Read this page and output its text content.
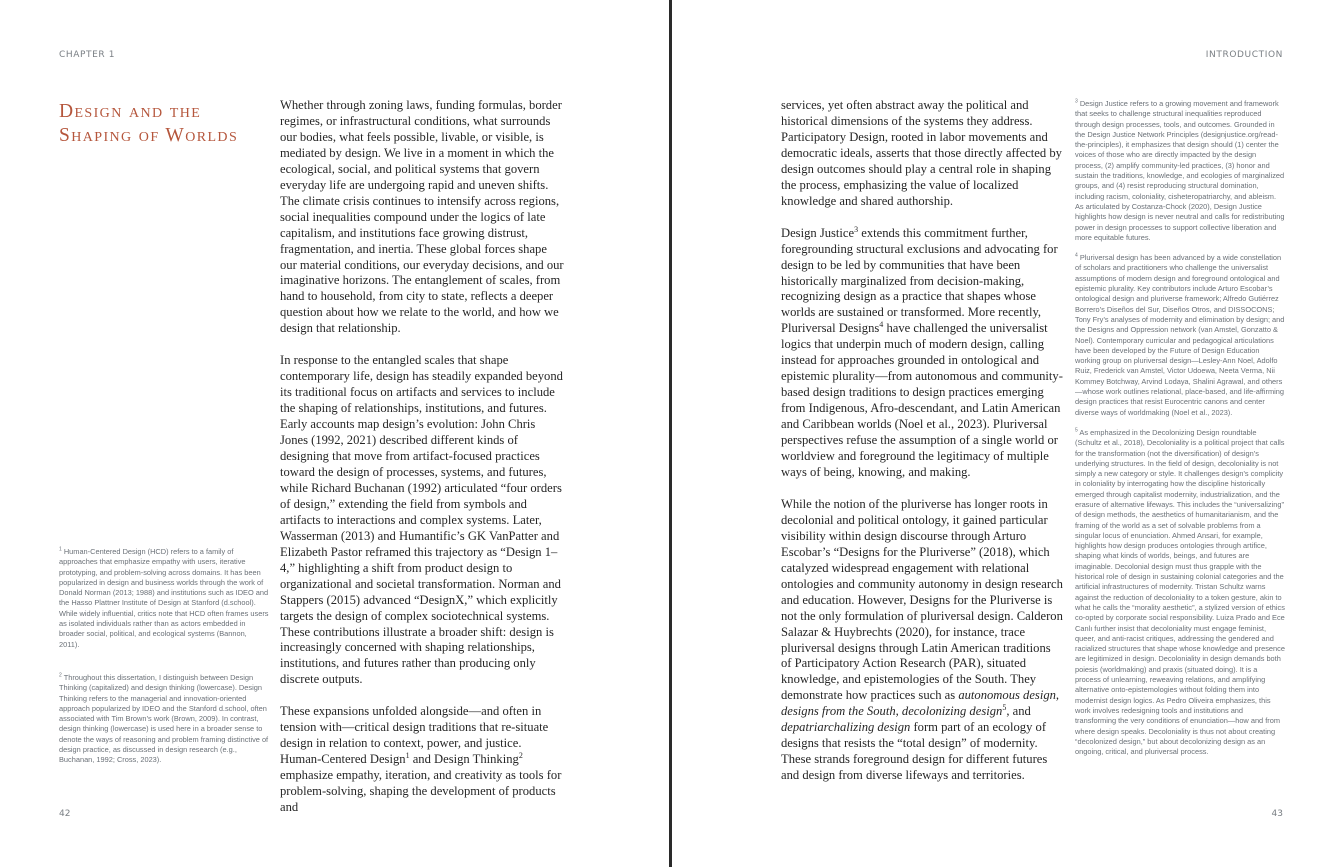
CHAPTER 1
Design and the Shaping of Worlds

Whether through zoning laws, funding formulas, border regimes, or infrastructural conditions, what surrounds our bodies, what feels possible, livable, or visible, is mediated by design. We live in a moment in which the ecological, social, and political systems that govern everyday life are undergoing rapid and uneven shifts. The climate crisis continues to intensify across regions, social inequalities compound under the logics of late capitalism, and institutions face growing distrust, fragmentation, and inertia. These global forces shape our material conditions, our everyday decisions, and our imaginative horizons. The entanglement of scales, from hand to household, from city to state, reflects a deeper question about how we relate to the world, and how we design that relationship.

In response to the entangled scales that shape contemporary life, design has steadily expanded beyond its traditional focus on artifacts and services to include the shaping of relationships, institutions, and futures. Early accounts map design’s evolution: John Chris Jones (1992, 2021) described different kinds of designing that move from artifact-focused practices toward the design of processes, systems, and futures, while Richard Buchanan (1992) articulated “four orders of design,” extending the field from symbols and artifacts to interactions and complex systems. Later, Wasserman (2013) and Humantific’s GK VanPatter and Elizabeth Pastor reframed this trajectory as “Design 1–4,” highlighting a shift from product design to organizational and societal transformation. Norman and Stappers (2015) advanced “DesignX,” which explicitly targets the design of complex sociotechnical systems. These contributions illustrate a broader shift: design is increasingly concerned with shaping relationships, institutions, and futures rather than producing only discrete outputs.

These expansions unfolded alongside—and often in tension with—critical design traditions that re-situate design in relation to context, power, and justice. Human-Centered Design$^1$ and Design Thinking$^2$ emphasize empathy, iteration, and creativity as tools for problem-solving, shaping the development of products and

$^1$ Human-Centered Design (HCD) refers to a family of approaches that emphasize empathy with users, iterative prototyping, and problem-solving across domains. It has been popularized in design and business worlds through the work of Donald Norman (2013; 1988) and institutions such as IDEO and the Hasso Plattner Institute of Design at Stanford (d.school). While widely influential, critics note that HCD often frames users as isolated individuals rather than as actors embedded in broader social, political, and ecological systems (Bannon, 2011).

$^2$ Throughout this dissertation, I distinguish between Design Thinking (capitalized) and design thinking (lowercase). Design Thinking refers to the managerial and innovation-oriented approach popularized by IDEO and the Stanford d.school, often associated with Tim Brown’s work (Brown, 2009). In contrast, design thinking (lowercase) is used here in a broader sense to denote the ways of reasoning and problem framing distinctive of design practice, as discussed in design research (e.g., Buchanan, 1992; Cross, 2023).

42
INTRODUCTION
43

services, yet often abstract away the political and historical dimensions of the systems they address. Participatory Design, rooted in labor movements and democratic ideals, asserts that those directly affected by design outcomes should play a central role in shaping the process, emphasizing the value of localized knowledge and shared authorship.

Design Justice$^3$ extends this commitment further, foregrounding structural exclusions and advocating for design to be led by communities that have been historically marginalized from decision-making, recognizing design as a practice that shapes whose worlds are sustained or transformed. More recently, Pluriversal Designs$^4$ have challenged the universalist logics that underpin much of modern design, calling instead for approaches grounded in ontological and epistemic plurality—from autonomous and community-based design traditions to design practices emerging from Indigenous, Afro-descendant, and Latin American and Caribbean worlds (Noel et al., 2023). Pluriversal perspectives refuse the assumption of a single world or worldview and foreground the legitimacy of multiple ways of being, knowing, and making.

While the notion of the pluriverse has longer roots in decolonial and political ontology, it gained particular visibility within design discourse through Arturo Escobar’s “Designs for the Pluriverse” (2018), which catalyzed widespread engagement with relational ontologies and community autonomy in design research and education. However, Designs for the Pluriverse is not the only formulation of pluriversal design. Calderon Salazar & Huybrechts (2020), for instance, trace pluriversal designs through Latin American traditions of Participatory Action Research (PAR), situated knowledge, and epistemologies of the South. They demonstrate how practices such as autonomous design, designs from the South, decolonizing design$^5$, and depatriarchalizing design form part of an ecology of designs that resists the “total design” of modernity. These strands foreground design for different futures and design from diverse lifeways and territories.

$^3$ Design Justice refers to a growing movement and framework that seeks to challenge structural inequalities reproduced through design processes, tools, and outcomes. Grounded in the Design Justice Network Principles (designjustice.org/read-the-principles), it emphasizes that design should (1) center the voices of those who are directly impacted by the design process, (2) amplify community-led practices, (3) honor and sustain the traditions, knowledge, and ecologies of marginalized groups, and (4) resist reproducing structural domination, including racism, coloniality, cisheteropatriarchy, and ableism. As articulated by Costanza-Chock (2020), Design Justice highlights how design is never neutral and calls for redistributing power in design processes to support collective liberation and more equitable futures.

$^4$ Pluriversal design has been advanced by a wide constellation of scholars and practitioners who challenge the universalist assumptions of modern design and foreground ontological and epistemic plurality. Key contributors include Arturo Escobar’s ontological design and pluriverse framework; Alfredo Gutiérrez Borrero’s Diseños del Sur, Diseños Otros, and DISSOCONS; Tony Fry’s analyses of modernity and elimination by design; and the Designs and Oppression network (van Amstel, Gonzatto & Noel). Contemporary curricular and pedagogical articulations have been developed by the Future of Design Education working group on pluriversal design—Lesley-Ann Noel, Adolfo Ruiz, Frederick van Amstel, Victor Udoewa, Neeta Verma, Nii Kommey Botchway, Arvind Lodaya, Shalini Agrawal, and others—whose work outlines relational, place-based, and life-affirming design practices that resist Eurocentric canons and center diverse ways of worldmaking (Noel et al., 2023).

$^5$ As emphasized in the Decolonizing Design roundtable (Schultz et al., 2018), Decoloniality is a political project that calls for the transformation (not the diversification) of design’s underlying structures. In the field of design, decoloniality is not simply a new category or style. It challenges design’s complicity in coloniality by interrogating how the discipline historically emerged through capitalist modernity, industrialization, and the erasure of alternative lifeways. This includes the “universalizing” of design methods, the aesthetics of humanitarianism, and the framing of the world as a set of solvable problems from a singular locus of enunciation. Ahmed Ansari, for example, highlights how design produces ontologies through artifice, shaping what kinds of worlds, beings, and futures are imaginable. Decolonial design must thus grapple with the historical role of design in sustaining colonial categories and the artificial infrastructures of modernity. Tristan Schultz warns against the reduction of decoloniality to a token gesture, akin to what he calls the “morality aesthetic”, a stylized version of ethics co-opted by corporate social responsibility. Luiza Prado and Ece Canlı further insist that decoloniality must engage feminist, queer, and anti-racist critiques, addressing the gendered and racialized structures that shape whose knowledge and presence are legitimized in design. Decoloniality in design demands both poiesis (worldmaking) and praxis (situated doing). It is a process of unlearning, reweaving relations, and amplifying alternative onto-epistemologies without folding them into modernist design logics. As Pedro Oliveira emphasizes, this work involves redesigning tools and institutions and transforming the very conditions of enunciation—how and from where design speaks. Decoloniality is thus not about creating “decolonized design,” but about decolonizing design as an ongoing, critical, and pluriversal process.
